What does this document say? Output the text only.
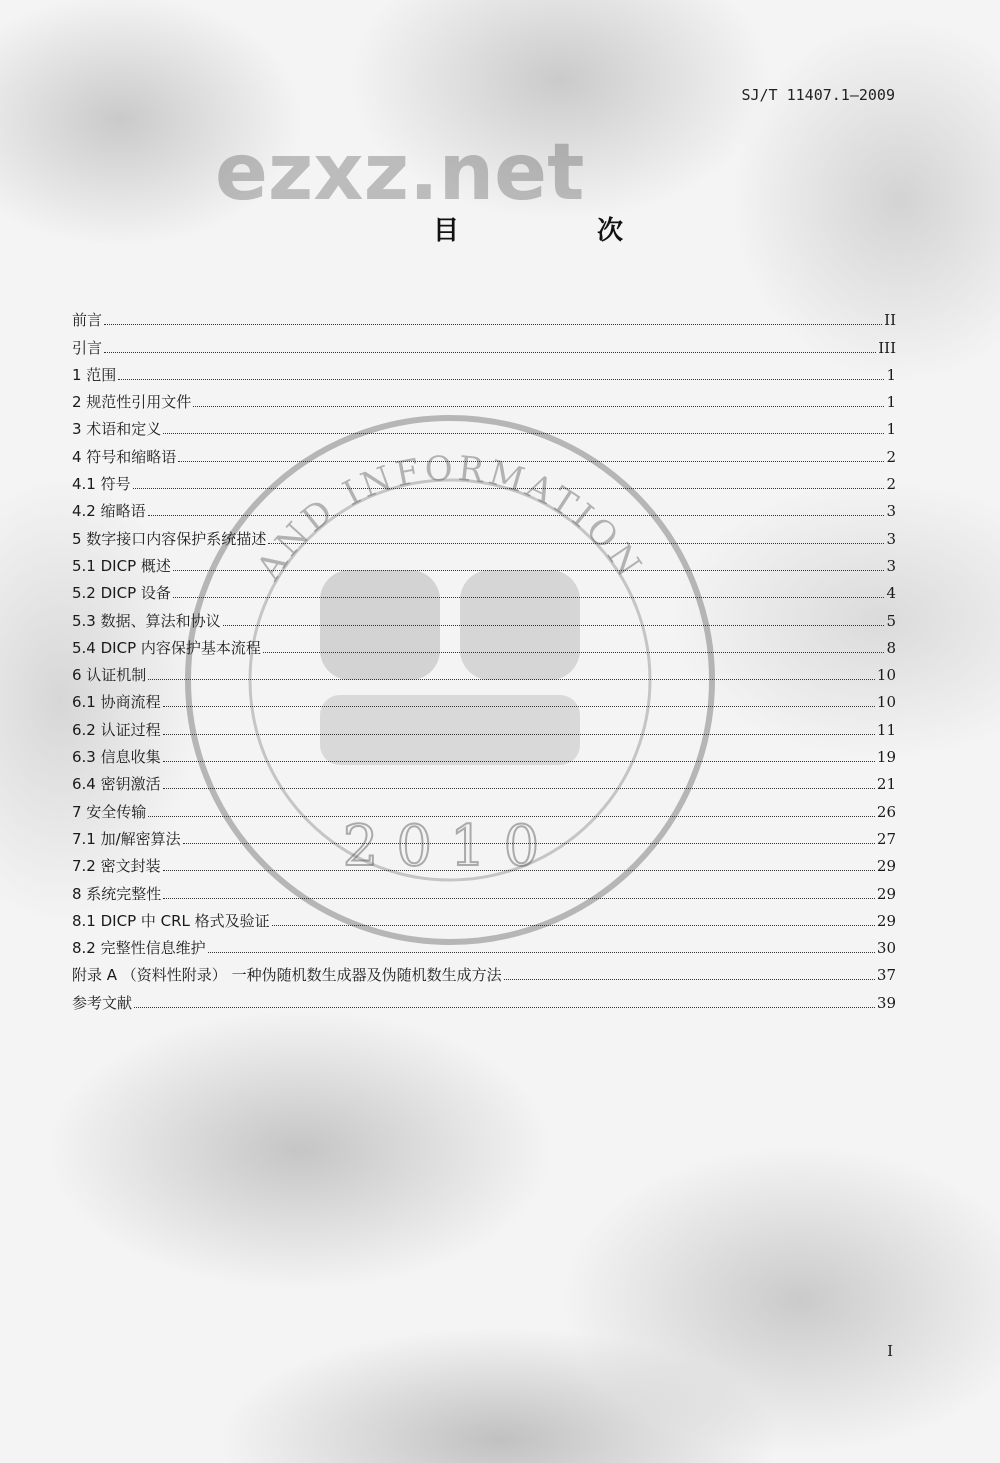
ezxz.net
AND INFORMATION
2010
SJ/T 11407.1—2009
目　次
前言	II
引言	III
1 范围	1
2 规范性引用文件	1
3 术语和定义	1
4 符号和缩略语	2
4.1 符号	2
4.2 缩略语	3
5 数字接口内容保护系统描述	3
5.1 DICP 概述	3
5.2 DICP 设备	4
5.3 数据、算法和协议	5
5.4 DICP 内容保护基本流程	8
6 认证机制	10
6.1 协商流程	10
6.2 认证过程	11
6.3 信息收集	19
6.4 密钥激活	21
7 安全传输	26
7.1 加/解密算法	27
7.2 密文封装	29
8 系统完整性	29
8.1 DICP 中 CRL 格式及验证	29
8.2 完整性信息维护	30
附录 A （资料性附录） 一种伪随机数生成器及伪随机数生成方法	37
参考文献	39
I
